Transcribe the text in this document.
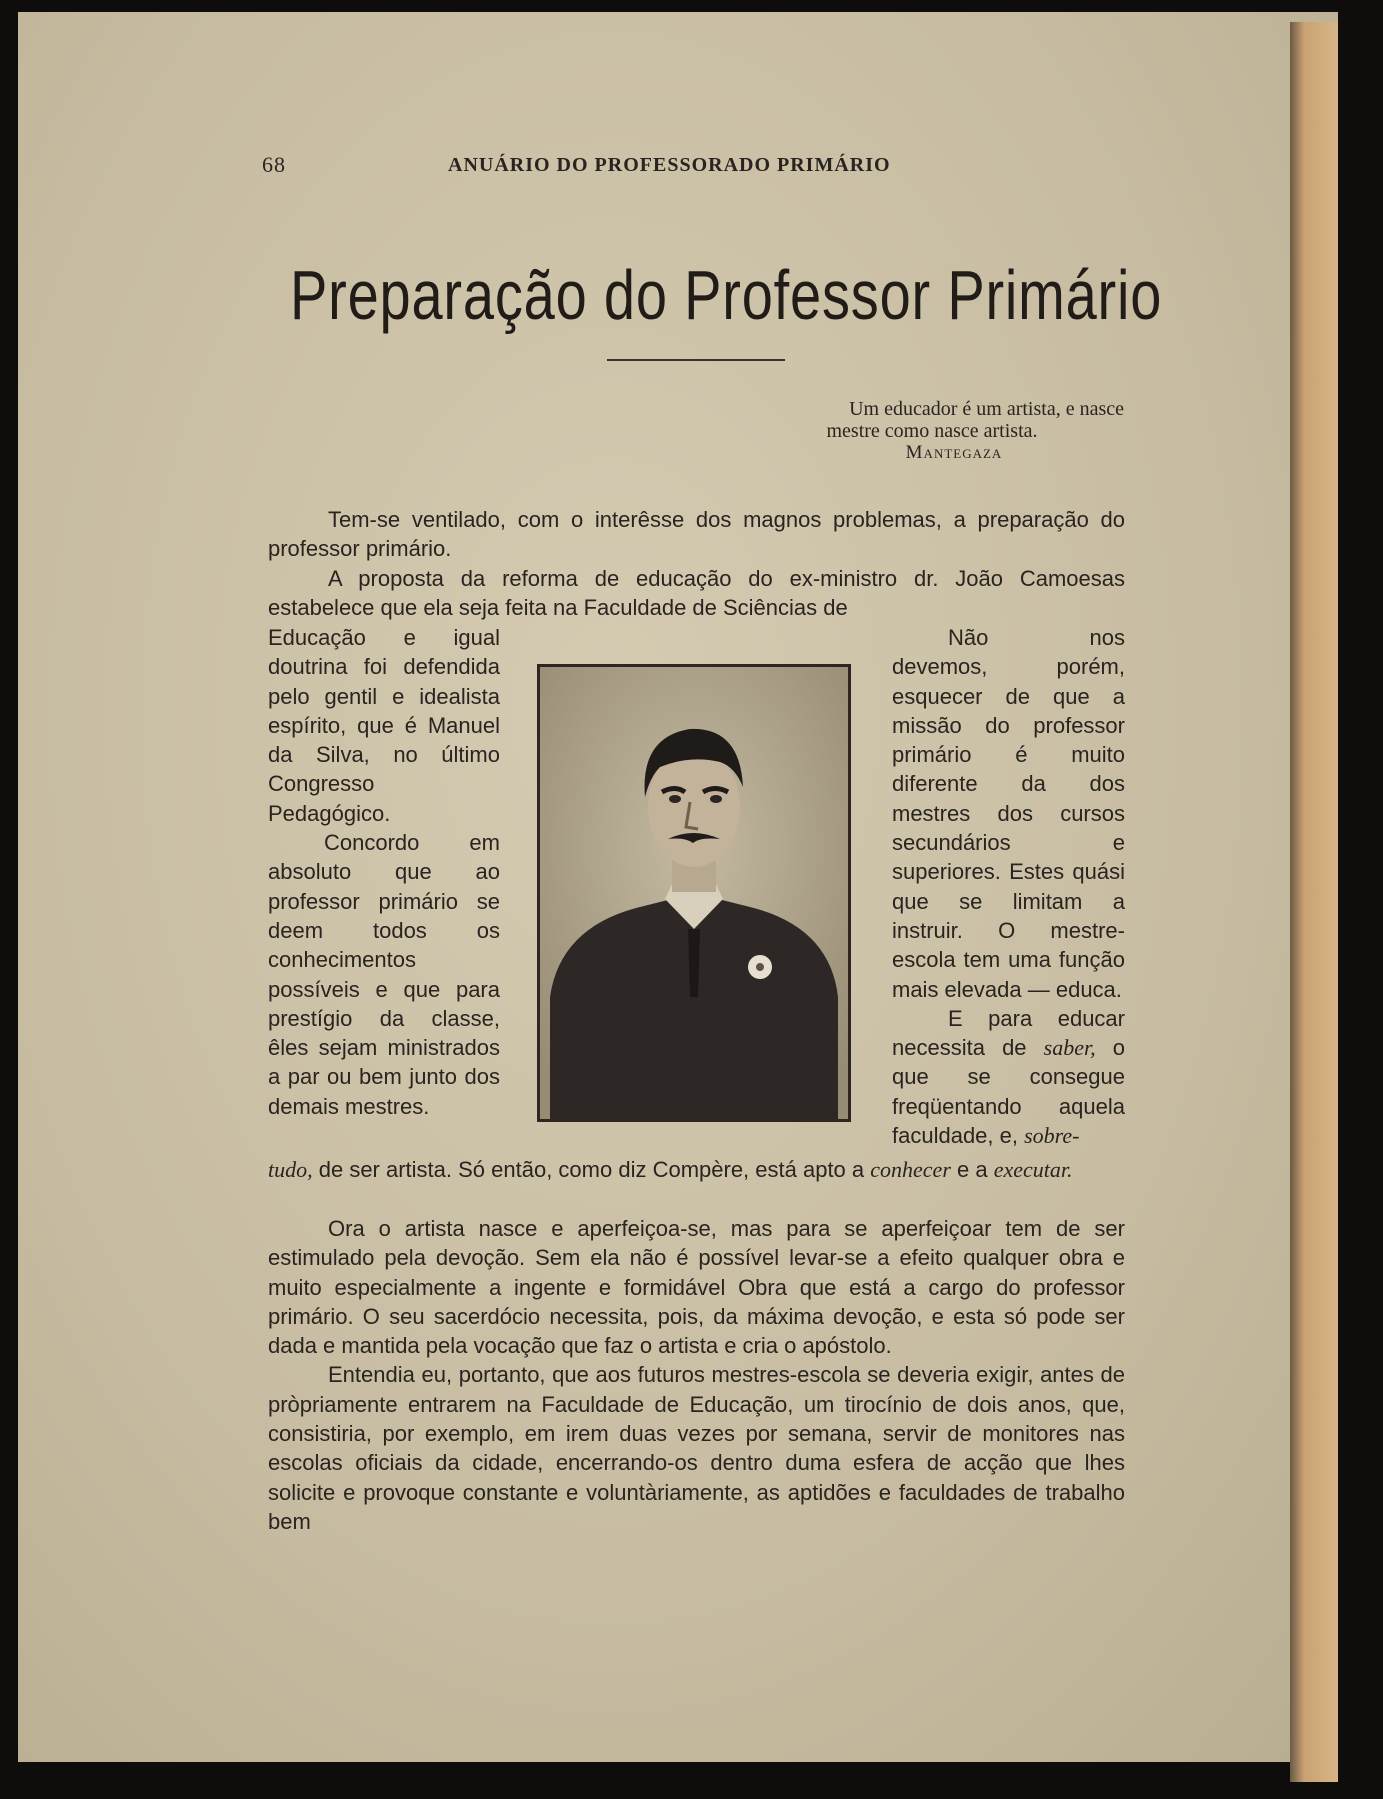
68	ANUÁRIO DO PROFESSORADO PRIMÁRIO
Preparação do Professor Primário
Um educador é um artista, e nasce
mestre como nasce artista.
Mantegaza

Tem-se ventilado, com o interêsse dos magnos problemas, a preparação do professor primário.

A proposta da reforma de educação do ex-ministro dr. João Camoesas estabelece que ela seja feita na Faculdade de Sciências de

Educação e igual doutrina foi defendida pelo gentil e idealista espírito, que é Manuel da Silva, no último Congresso Pedagógico.

Concordo em absoluto que ao professor primário se deem todos os conhecimentos possíveis e que para prestígio da classe, êles sejam ministrados a par ou bem junto dos demais mestres.

Não nos devemos, porém, esquecer de que a missão do professor primário é muito diferente da dos mestres dos cursos secundários e superiores. Estes quási que se limitam a instruir. O mestre-escola tem uma função mais elevada — educa.

E para educar necessita de saber, o que se consegue freqüentando aquela faculdade, e, sobre-

tudo, de ser artista. Só então, como diz Compère, está apto a conhecer e a executar.

Ora o artista nasce e aperfeiçoa-se, mas para se aperfeiçoar tem de ser estimulado pela devoção. Sem ela não é possível levar-se a efeito qualquer obra e muito especialmente a ingente e formidável Obra que está a cargo do professor primário. O seu sacerdócio necessita, pois, da máxima devoção, e esta só pode ser dada e mantida pela vocação que faz o artista e cria o apóstolo.

Entendia eu, portanto, que aos futuros mestres-escola se deveria exigir, antes de pròpriamente entrarem na Faculdade de Educação, um tirocínio de dois anos, que, consistiria, por exemplo, em irem duas vezes por semana, servir de monitores nas escolas oficiais da cidade, encerrando-os dentro duma esfera de acção que lhes solicite e provoque constante e voluntàriamente, as aptidões e faculdades de trabalho bem
